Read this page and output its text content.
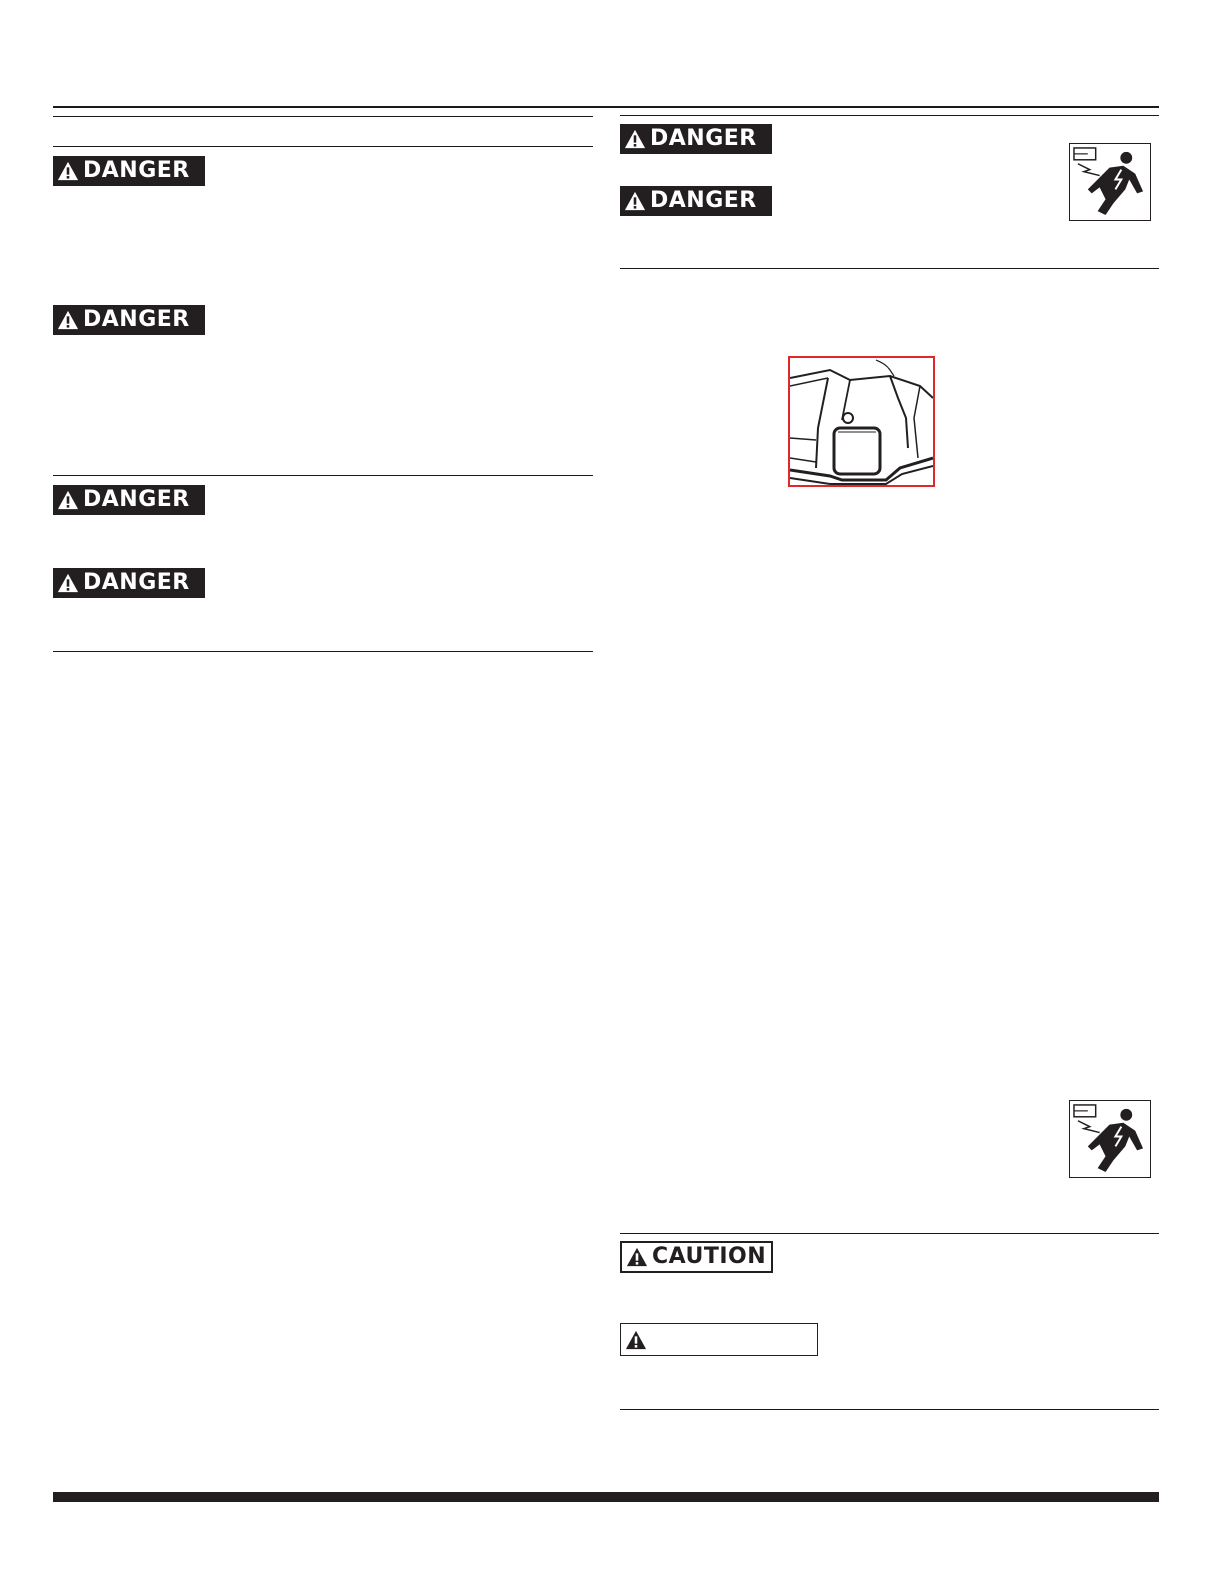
DANGER
DANGER
DANGER
DANGER
DANGER
DANGER
CAUTION
